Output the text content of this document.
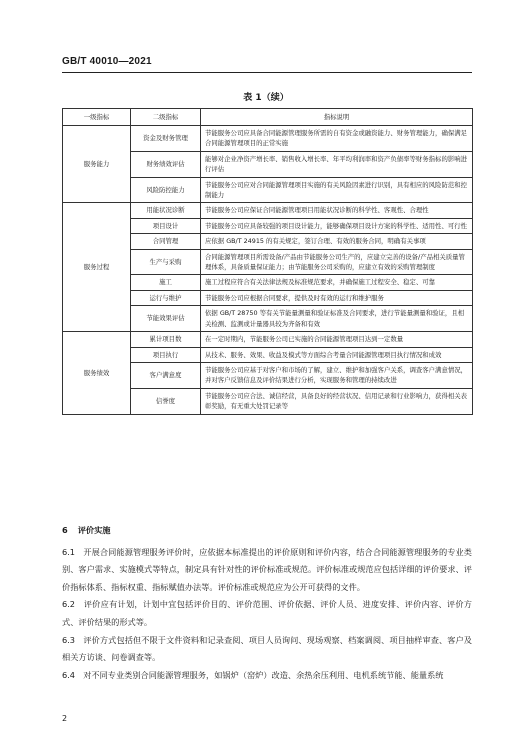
GB/T 40010—2021
表 1（续）
一级指标	二级指标	指标说明
服务能力	资金及财务管理	节能服务公司应具备合同能源管理服务所需的自有资金或融资能力、财务管理能力，确保满足合同能源管理项目的正常实施
	财务绩效评估	能够对企业净资产增长率、销售收入增长率、年平均利润率和资产负债率等财务指标的影响进行评估
	风险防控能力	节能服务公司应对合同能源管理项目实施的有关风险因素进行识别，具有相应的风险防范和控制能力
服务过程	用能状况诊断	节能服务公司应保证合同能源管理项目用能状况诊断的科学性、客观性、合理性
	项目设计	节能服务公司应具备较强的项目设计能力，能够确保项目设计方案的科学性、适用性、可行性
	合同管理	应依据 GB/T 24915 的有关规定，签订合理、有效的服务合同，明确有关事项
	生产与采购	合同能源管理项目所需设备/产品由节能服务公司生产的，应建立完善的设备/产品相关质量管理体系，具备质量保证能力；由节能服务公司采购的，应建立有效的采购管理制度
	施工	施工过程应符合有关法律法规及标准规范要求，并确保施工过程安全、稳定、可靠
	运行与维护	节能服务公司应根据合同要求，提供及时有效的运行和维护服务
	节能效果评估	依据 GB/T 28750 等有关节能量测量和验证标准及合同要求，进行节能量测量和验证，且相关检测、监测或计量器具较为齐备和有效
服务绩效	累计项目数	在一定时期内，节能服务公司已实施的合同能源管理项目达到一定数量
	项目执行	从技术、服务、效果、收益及模式等方面综合考量合同能源管理项目执行情况和成效
	客户满意度	节能服务公司应基于对客户和市场的了解，建立、维护和加强客户关系，调查客户满意情况，并对客户反馈信息及评价结果进行分析，实现服务和管理的持续改进
	信誉度	节能服务公司应合法、诚信经营，具备良好的经营状况、信用记录和行业影响力，获得相关表彰奖励，有无重大处罚记录等
6 评价实施

6.1　开展合同能源管理服务评价时，应依据本标准提出的评价原则和评价内容，结合合同能源管理服务的专业类别、客户需求、实施模式等特点，制定具有针对性的评价标准或规范。评价标准或规范应包括详细的评价要求、评价指标体系、指标权重、指标赋值办法等。评价标准或规范应为公开可获得的文件。

6.2　评价应有计划，计划中宜包括评价目的、评价范围、评价依据、评价人员、进度安排、评价内容、评价方式、评价结果的形式等。

6.3　评价方式包括但不限于文件资料和记录查阅、项目人员询问、现场观察、档案调阅、项目抽样审查、客户及相关方访谈、问卷调查等。

6.4　对不同专业类别合同能源管理服务，如锅炉（窑炉）改造、余热余压利用、电机系统节能、能量系统

2
